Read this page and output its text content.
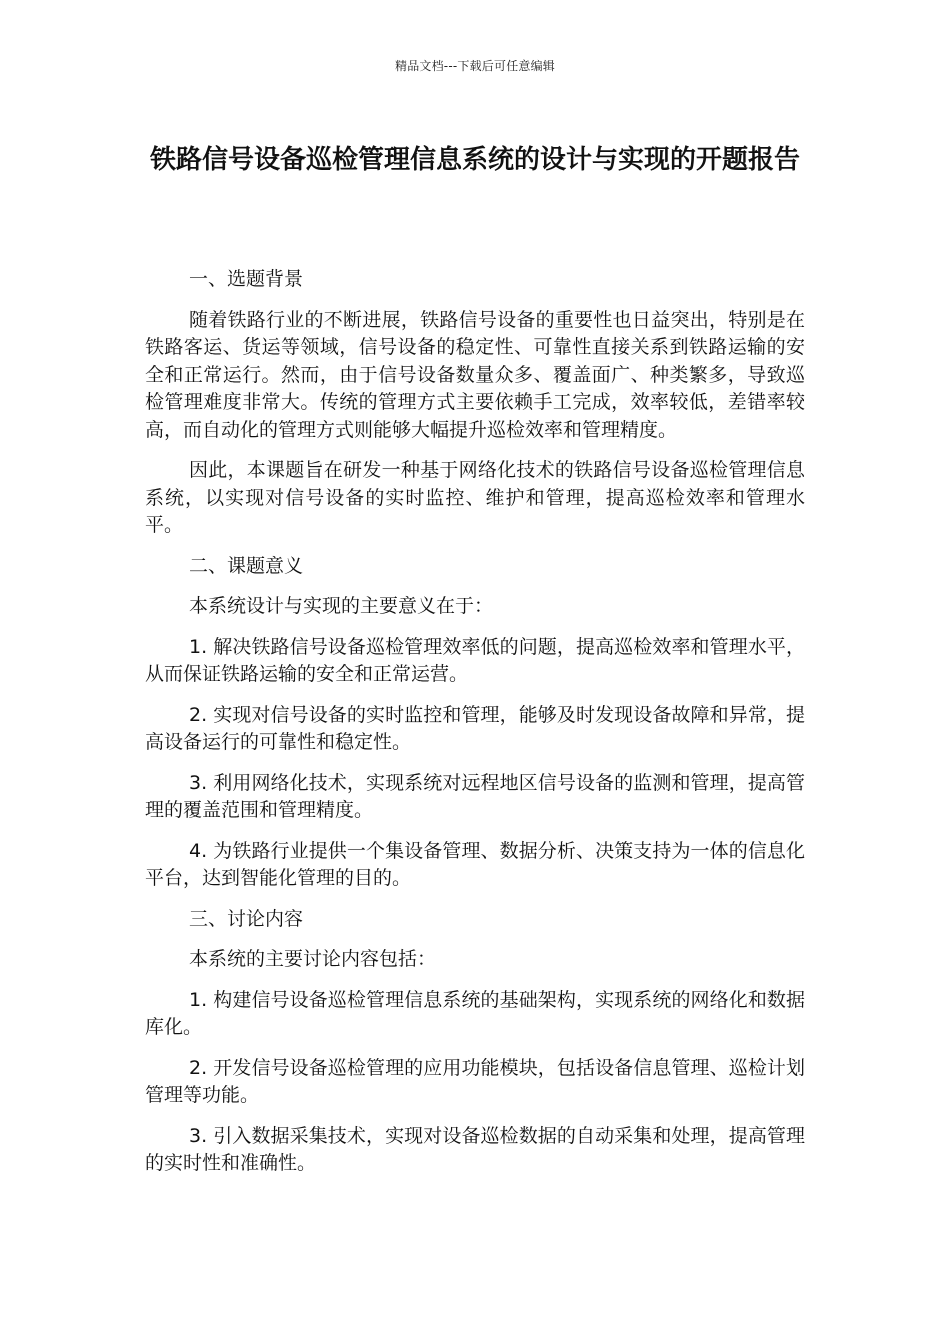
精品文档---下载后可任意编辑
铁路信号设备巡检管理信息系统的设计与实现的开题报告

一、选题背景

随着铁路行业的不断进展，铁路信号设备的重要性也日益突出，特别是在铁路客运、货运等领域，信号设备的稳定性、可靠性直接关系到铁路运输的安全和正常运行。然而，由于信号设备数量众多、覆盖面广、种类繁多，导致巡检管理难度非常大。传统的管理方式主要依赖手工完成，效率较低，差错率较高，而自动化的管理方式则能够大幅提升巡检效率和管理精度。

因此，本课题旨在研发一种基于网络化技术的铁路信号设备巡检管理信息系统，以实现对信号设备的实时监控、维护和管理，提高巡检效率和管理水平。

二、课题意义

本系统设计与实现的主要意义在于：

1. 解决铁路信号设备巡检管理效率低的问题，提高巡检效率和管理水平，从而保证铁路运输的安全和正常运营。

2. 实现对信号设备的实时监控和管理，能够及时发现设备故障和异常，提高设备运行的可靠性和稳定性。

3. 利用网络化技术，实现系统对远程地区信号设备的监测和管理，提高管理的覆盖范围和管理精度。

4. 为铁路行业提供一个集设备管理、数据分析、决策支持为一体的信息化平台，达到智能化管理的目的。

三、讨论内容

本系统的主要讨论内容包括：

1. 构建信号设备巡检管理信息系统的基础架构，实现系统的网络化和数据库化。

2. 开发信号设备巡检管理的应用功能模块，包括设备信息管理、巡检计划管理等功能。

3. 引入数据采集技术，实现对设备巡检数据的自动采集和处理，提高管理的实时性和准确性。
